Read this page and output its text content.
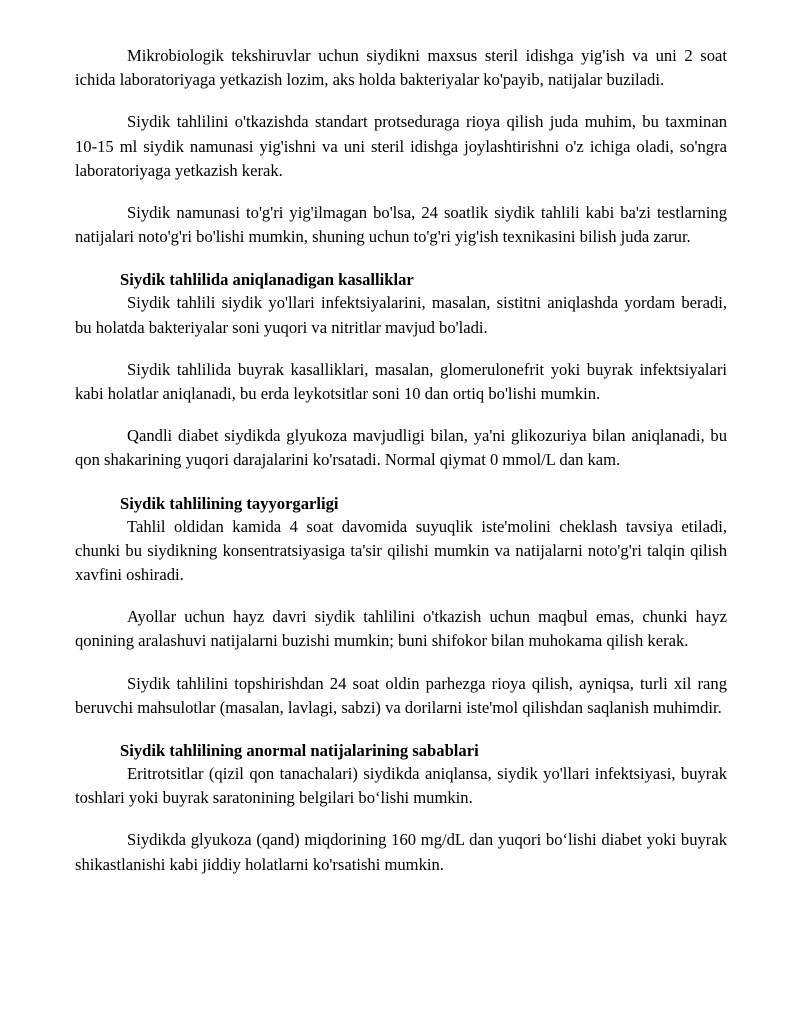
Mikrobiologik tekshiruvlar uchun siydikni maxsus steril idishga yig'ish va uni 2 soat ichida laboratoriyaga yetkazish lozim, aks holda bakteriyalar ko'payib, natijalar buziladi.

Siydik tahlilini o'tkazishda standart protseduraga rioya qilish juda muhim, bu taxminan 10-15 ml siydik namunasi yig'ishni va uni steril idishga joylashtirishni o'z ichiga oladi, so'ngra laboratoriyaga yetkazish kerak.

Siydik namunasi to'g'ri yig'ilmagan bo'lsa, 24 soatlik siydik tahlili kabi ba'zi testlarning natijalari noto'g'ri bo'lishi mumkin, shuning uchun to'g'ri yig'ish texnikasini bilish juda zarur.

Siydik tahlilida aniqlanadigan kasalliklar

Siydik tahlili siydik yo'llari infektsiyalarini, masalan, sistitni aniqlashda yordam beradi, bu holatda bakteriyalar soni yuqori va nitritlar mavjud bo'ladi.

Siydik tahlilida buyrak kasalliklari, masalan, glomerulonefrit yoki buyrak infektsiyalari kabi holatlar aniqlanadi, bu erda leykotsitlar soni 10 dan ortiq bo'lishi mumkin.

Qandli diabet siydikda glyukoza mavjudligi bilan, ya'ni glikozuriya bilan aniqlanadi, bu qon shakarining yuqori darajalarini ko'rsatadi. Normal qiymat 0 mmol/L dan kam.

Siydik tahlilining tayyorgarligi

Tahlil oldidan kamida 4 soat davomida suyuqlik iste'molini cheklash tavsiya etiladi, chunki bu siydikning konsentratsiyasiga ta'sir qilishi mumkin va natijalarni noto'g'ri talqin qilish xavfini oshiradi.

Ayollar uchun hayz davri siydik tahlilini o'tkazish uchun maqbul emas, chunki hayz qonining aralashuvi natijalarni buzishi mumkin; buni shifokor bilan muhokama qilish kerak.

Siydik tahlilini topshirishdan 24 soat oldin parhezga rioya qilish, ayniqsa, turli xil rang beruvchi mahsulotlar (masalan, lavlagi, sabzi) va dorilarni iste'mol qilishdan saqlanish muhimdir.

Siydik tahlilining anormal natijalarining sabablari

Eritrotsitlar (qizil qon tanachalari) siydikda aniqlansa, siydik yo'llari infektsiyasi, buyrak toshlari yoki buyrak saratonining belgilari bo‘lishi mumkin.

Siydikda glyukoza (qand) miqdorining 160 mg/dL dan yuqori bo‘lishi diabet yoki buyrak shikastlanishi kabi jiddiy holatlarni ko'rsatishi mumkin.
